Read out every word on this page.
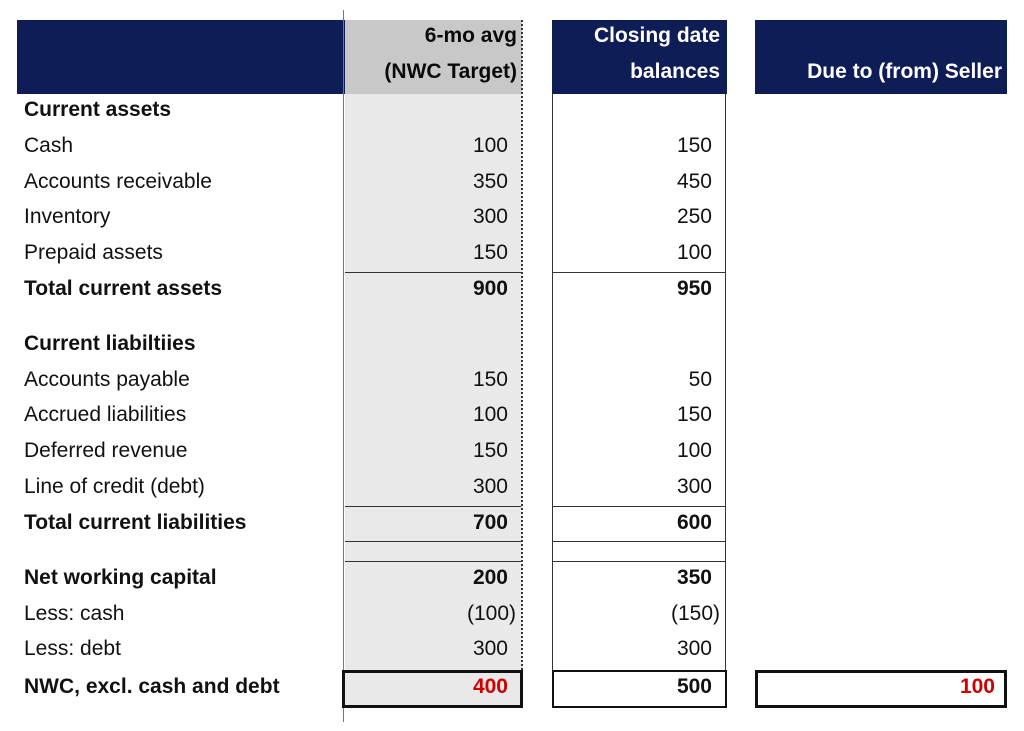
6-mo avg
(NWC Target)
Closing date
balances	Due to (from) Seller
Current assets
Cash
Accounts receivable
Inventory
Prepaid assets
Total current assets
Current liabiltiies
Accounts payable
Accrued liabilities
Deferred revenue
Line of credit (debt)
Total current liabilities
Net working capital
Less: cash
Less: debt
NWC, excl. cash and debt
100
350
300
150
900
150
100
150
300
700
200
(100)
300
400
150
450
250
100
950
50
150
100
300
600
350
(150)
300
500	100
